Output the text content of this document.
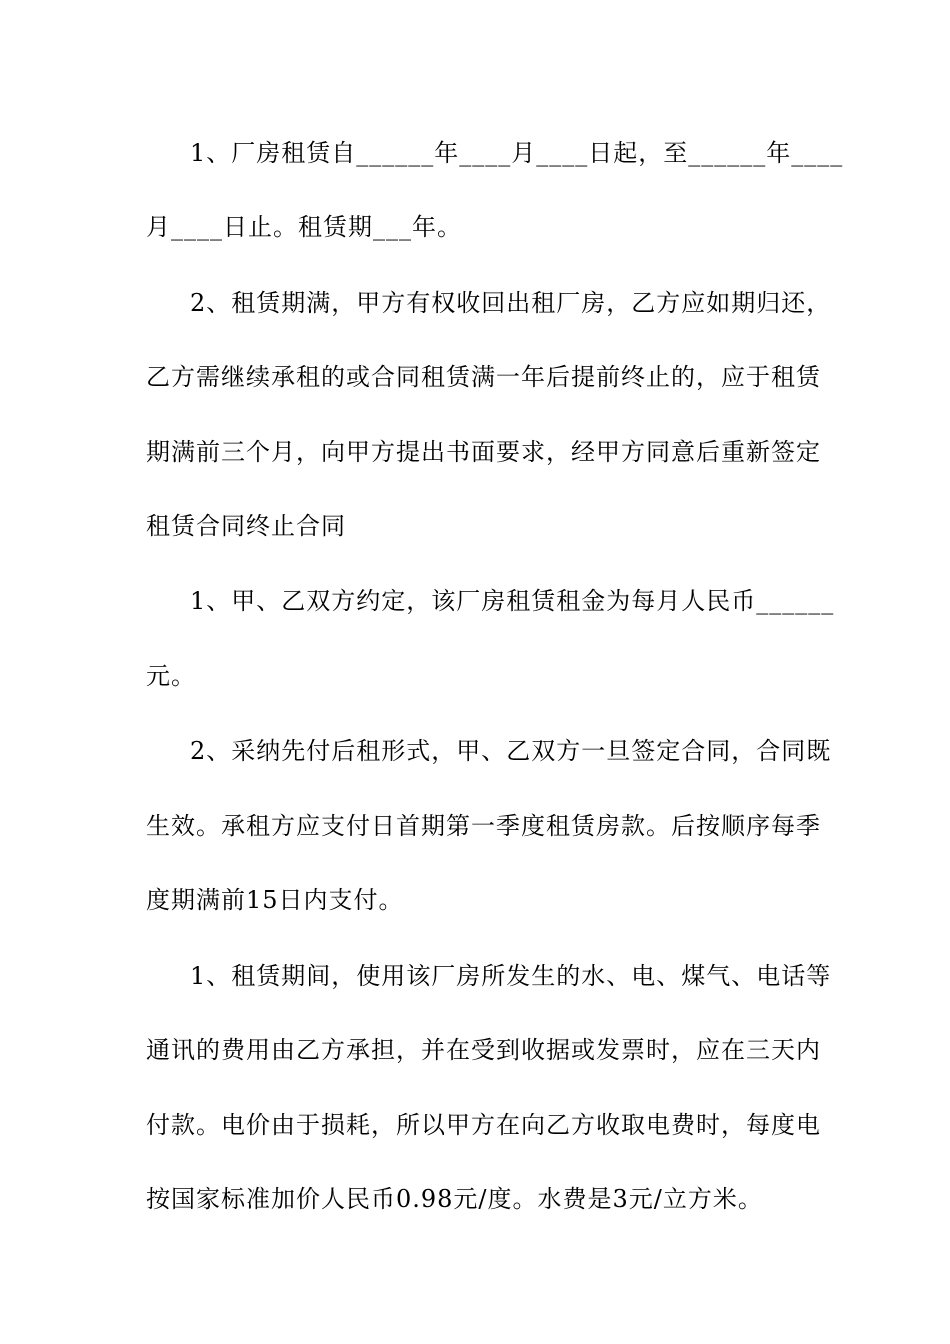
1、厂房租赁自______年____月____日起，至______年____

月____日止。租赁期___年。

2、租赁期满，甲方有权收回出租厂房，乙方应如期归还，

乙方需继续承租的或合同租赁满一年后提前终止的，应于租赁

期满前三个月，向甲方提出书面要求，经甲方同意后重新签定

租赁合同终止合同

1、甲、乙双方约定，该厂房租赁租金为每月人民币______

元。

2、采纳先付后租形式，甲、乙双方一旦签定合同，合同既

生效。承租方应支付日首期第一季度租赁房款。后按顺序每季

度期满前15日内支付。

1、租赁期间，使用该厂房所发生的水、电、煤气、电话等

通讯的费用由乙方承担，并在受到收据或发票时，应在三天内

付款。电价由于损耗，所以甲方在向乙方收取电费时，每度电

按国家标准加价人民币0.98元/度。水费是3元/立方米。
